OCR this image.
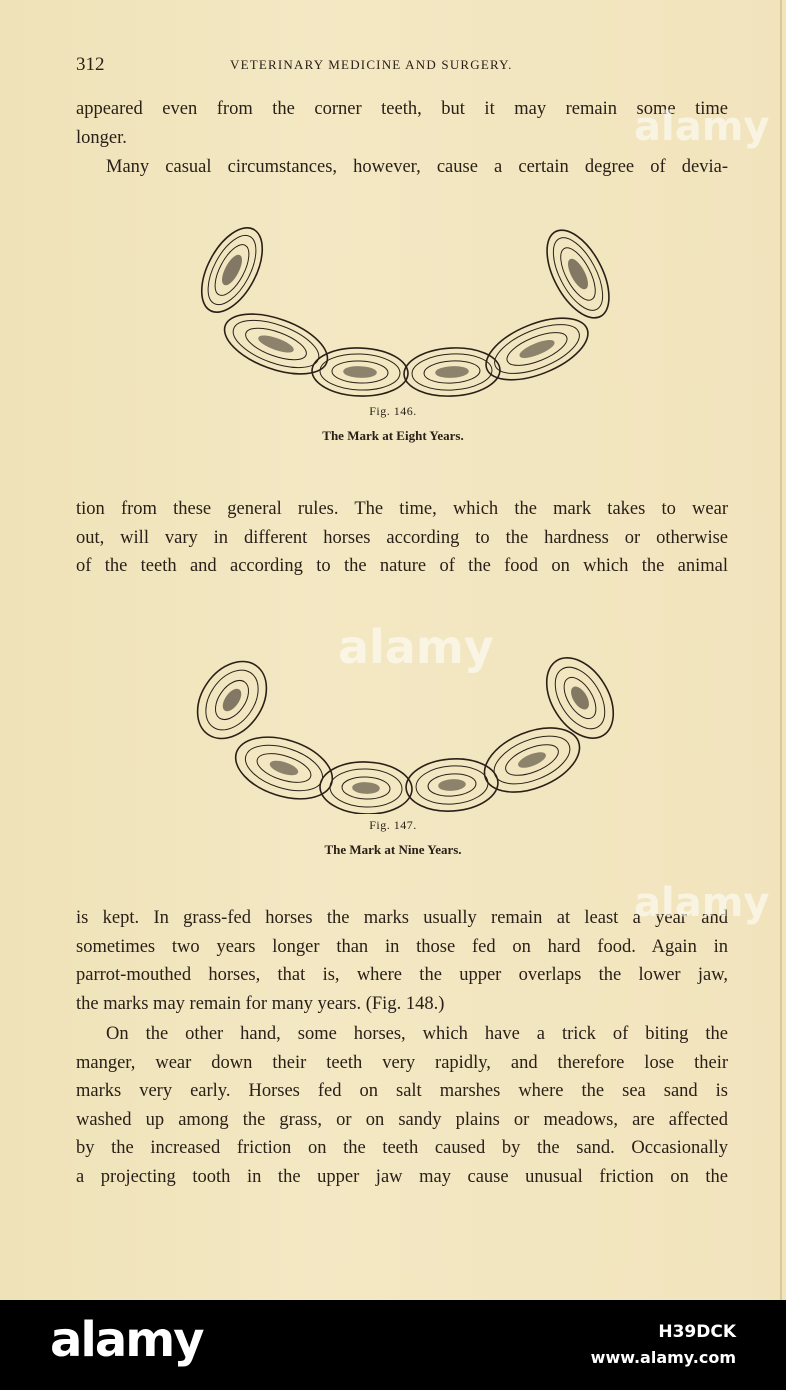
312	VETERINARY MEDICINE AND SURGERY.
appeared even from the corner teeth, but it may remain some time
longer.
Many casual circumstances, however, cause a certain degree of devia-
Fig. 146.
The Mark at Eight Years.
tion from these general rules. The time, which the mark takes to wear
out, will vary in different horses according to the hardness or otherwise
of the teeth and according to the nature of the food on which the animal
Fig. 147.
The Mark at Nine Years.
is kept. In grass-fed horses the marks usually remain at least a year and
sometimes two years longer than in those fed on hard food. Again in
parrot-mouthed horses, that is, where the upper overlaps the lower jaw,
the marks may remain for many years. (Fig. 148.)
On the other hand, some horses, which have a trick of biting the
manger, wear down their teeth very rapidly, and therefore lose their
marks very early. Horses fed on salt marshes where the sea sand is
washed up among the grass, or on sandy plains or meadows, are affected
by the increased friction on the teeth caused by the sand. Occasionally
a projecting tooth in the upper jaw may cause unusual friction on the
alamy
alamy
alamy
alamy	H39DCK
www.alamy.com
